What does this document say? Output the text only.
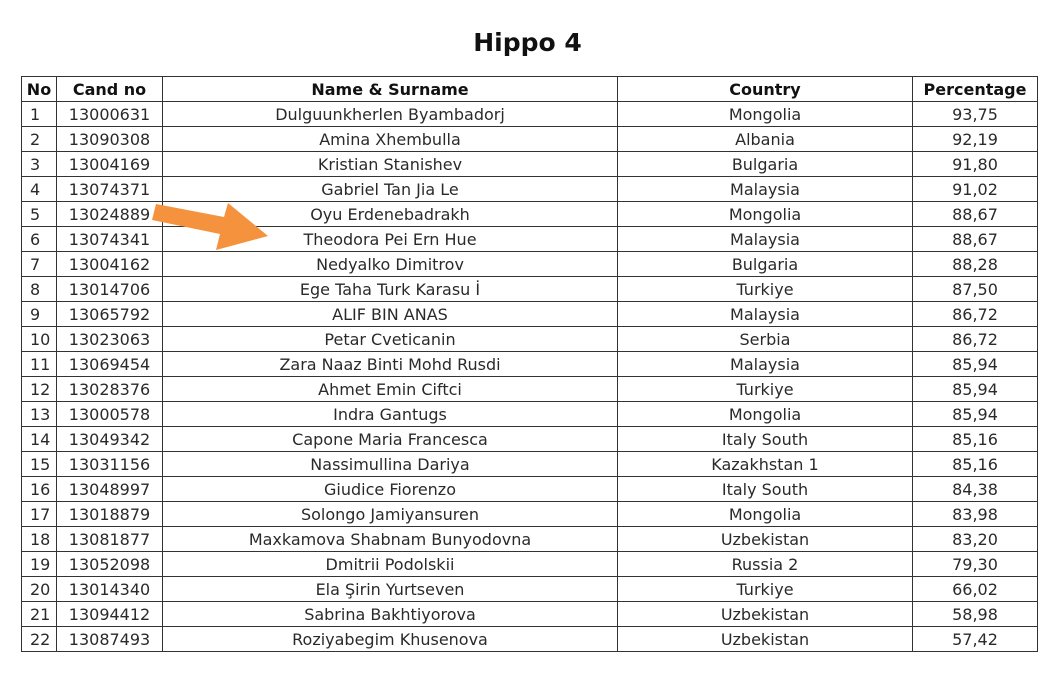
Hippo 4
No	Cand no	Name & Surname	Country	Percentage
1	13000631	Dulguunkherlen Byambadorj	Mongolia	93,75
2	13090308	Amina Xhembulla	Albania	92,19
3	13004169	Kristian Stanishev	Bulgaria	91,80
4	13074371	Gabriel Tan Jia Le	Malaysia	91,02
5	13024889	Oyu Erdenebadrakh	Mongolia	88,67
6	13074341	Theodora Pei Ern Hue	Malaysia	88,67
7	13004162	Nedyalko Dimitrov	Bulgaria	88,28
8	13014706	Ege Taha Turk Karasu İ	Turkiye	87,50
9	13065792	ALIF BIN ANAS	Malaysia	86,72
10	13023063	Petar Cveticanin	Serbia	86,72
11	13069454	Zara Naaz Binti Mohd Rusdi	Malaysia	85,94
12	13028376	Ahmet Emin Ciftci	Turkiye	85,94
13	13000578	Indra Gantugs	Mongolia	85,94
14	13049342	Capone Maria Francesca	Italy South	85,16
15	13031156	Nassimullina Dariya	Kazakhstan 1	85,16
16	13048997	Giudice Fiorenzo	Italy South	84,38
17	13018879	Solongo Jamiyansuren	Mongolia	83,98
18	13081877	Maxkamova Shabnam Bunyodovna	Uzbekistan	83,20
19	13052098	Dmitrii Podolskii	Russia 2	79,30
20	13014340	Ela Şirin Yurtseven	Turkiye	66,02
21	13094412	Sabrina Bakhtiyorova	Uzbekistan	58,98
22	13087493	Roziyabegim Khusenova	Uzbekistan	57,42
